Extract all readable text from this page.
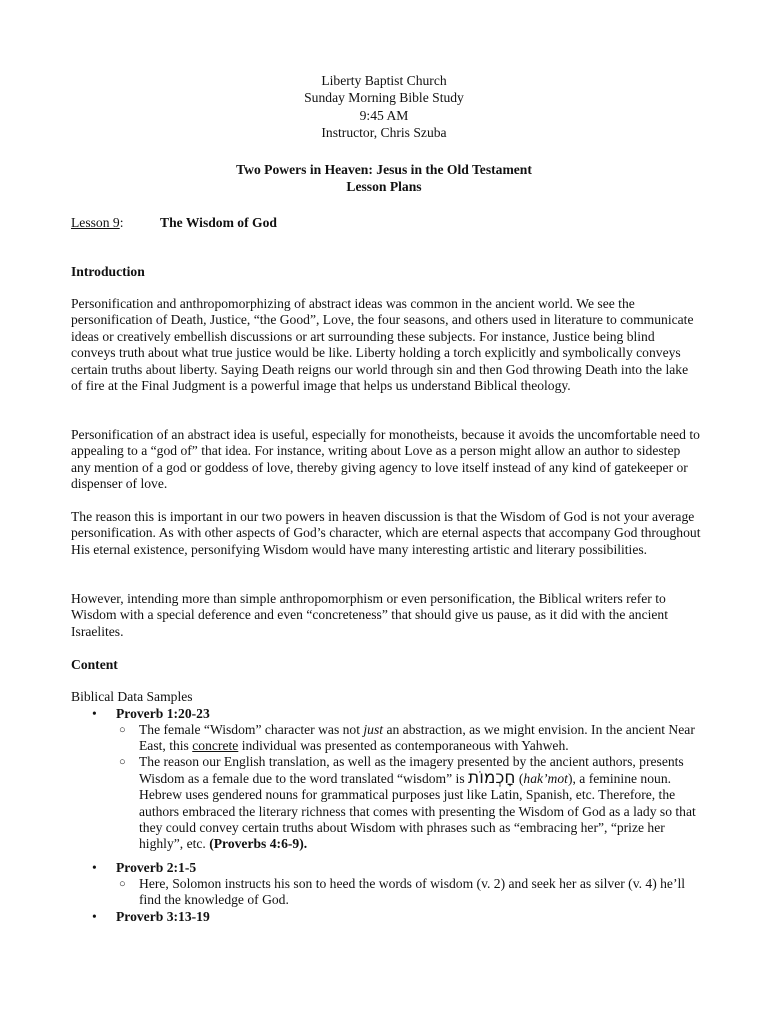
Liberty Baptist Church
Sunday Morning Bible Study
9:45 AM
Instructor, Chris Szuba
Two Powers in Heaven: Jesus in the Old Testament
Lesson Plans
Lesson 9:	The Wisdom of God
Introduction

Personification and anthropomorphizing of abstract ideas was common in the ancient world. We see the personification of Death, Justice, “the Good”, Love, the four seasons, and others used in literature to communicate ideas or creatively embellish discussions or art surrounding these subjects. For instance, Justice being blind conveys truth about what true justice would be like. Liberty holding a torch explicitly and symbolically conveys certain truths about liberty. Saying Death reigns our world through sin and then God throwing Death into the lake of fire at the Final Judgment is a powerful image that helps us understand Biblical theology.

Personification of an abstract idea is useful, especially for monotheists, because it avoids the uncomfortable need to appealing to a “god of” that idea. For instance, writing about Love as a person might allow an author to sidestep any mention of a god or goddess of love, thereby giving agency to love itself instead of any kind of gatekeeper or dispenser of love.

The reason this is important in our two powers in heaven discussion is that the Wisdom of God is not your average personification. As with other aspects of God’s character, which are eternal aspects that accompany God throughout His eternal existence, personifying Wisdom would have many interesting artistic and literary possibilities.

However, intending more than simple anthropomorphism or even personification, the Biblical writers refer to Wisdom with a special deference and even “concreteness” that should give us pause, as it did with the ancient Israelites.

Content
Biblical Data Samples
• Proverb 1:20-23
○ The female “Wisdom” character was not just an abstraction, as we might envision. In the ancient Near East, this concrete individual was presented as contemporaneous with Yahweh.
○ The reason our English translation, as well as the imagery presented by the ancient authors, presents Wisdom as a female due to the word translated “wisdom” is חָכְמוֹת (hak’mot), a feminine noun. Hebrew uses gendered nouns for grammatical purposes just like Latin, Spanish, etc. Therefore, the authors embraced the literary richness that comes with presenting the Wisdom of God as a lady so that they could convey certain truths about Wisdom with phrases such as “embracing her”, “prize her highly”, etc. (Proverbs 4:6-9).
• Proverb 2:1-5
○ Here, Solomon instructs his son to heed the words of wisdom (v. 2) and seek her as silver (v. 4) he’ll find the knowledge of God.
• Proverb 3:13-19
